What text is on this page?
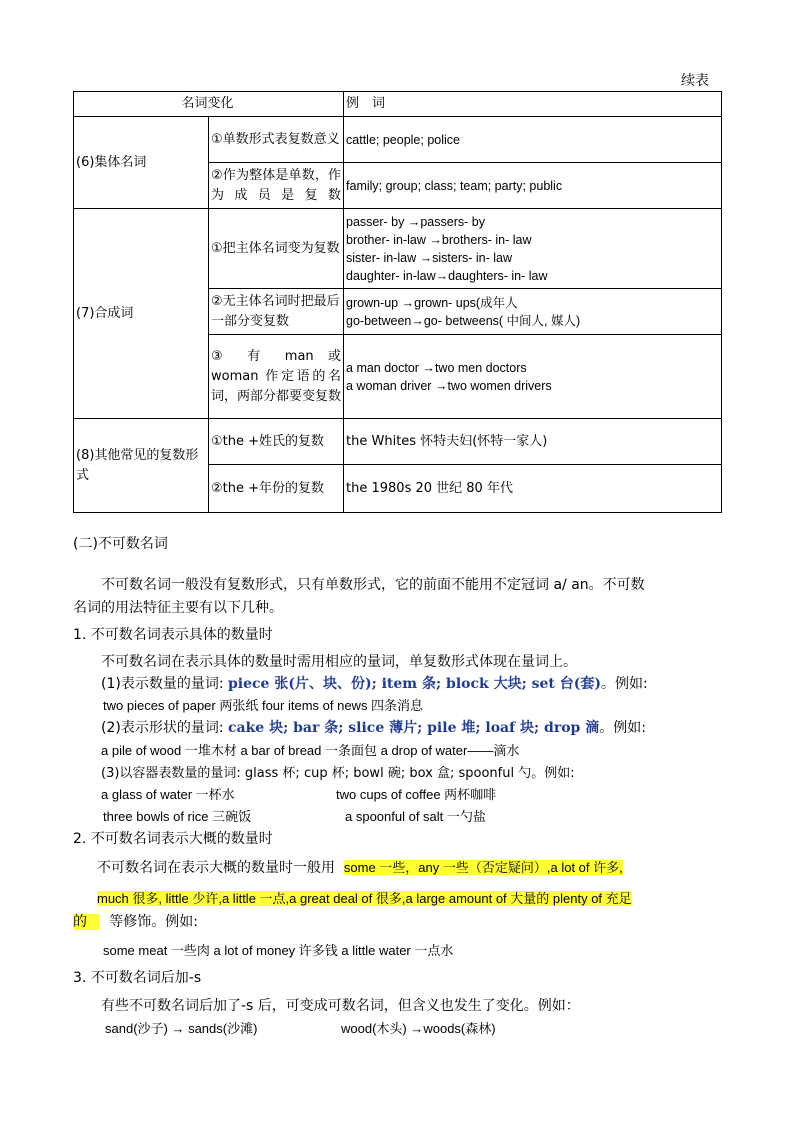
续表
名词变化		例　词
(6)集体名词	①单数形式表复数意义	cattle; people; police
	②作为整体是单数，作为成员是复数	family; group; class; team; party; public
(7)合成词	①把主体名词变为复数	passer- by →passers- by
brother- in-law →brothers- in- law
sister- in-law →sisters- in- law
daughter- in-law→daughters- in- law

	②无主体名词时把最后一部分变复数	grown-up →grown- ups(成年人
go-between→go- betweens( 中间人, 媒人)

	③ 有 man 或 woman 作定语的名词，两部分都要变复数	a man doctor →two men doctors
a woman driver →two women drivers

(8)其他常见的复数形式	①the +姓氏的复数	the Whites 怀特夫妇(怀特一家人)
	②the +年份的复数	the 1980s 20 世纪 80 年代
(二)不可数名词
不可数名词一般没有复数形式，只有单数形式，它的前面不能用不定冠词 a/ an。不可数
名词的用法特征主要有以下几种。
1. 不可数名词表示具体的数量时
不可数名词在表示具体的数量时需用相应的量词，单复数形式体现在量词上。
(1)表示数量的量词: piece 张(片、块、份); item 条; block 大块; set 台(套)。例如:
two pieces of paper 两张纸 four items of news 四条消息
(2)表示形状的量词: cake 块; bar 条; slice 薄片; pile 堆; loaf 块; drop 滴。例如:
a pile of wood 一堆木材 a bar of bread 一条面包 a drop of water——滴水
(3)以容器表数量的量词: glass 杯; cup 杯; bowl 碗; box 盒; spoonful 勺。例如:
a glass of water 一杯水	two cups of coffee 两杯咖啡
three bowls of rice 三碗饭	a spoonful of salt 一勺盐
2. 不可数名词表示大概的数量时
不可数名词在表示大概的数量时一般用 some 一些，any 一些（否定疑问）,a lot of 许多,
much 很多, little 少许,a little 一点,a great deal of 很多,a large amount of 大量的 plenty of 充足
的 等修饰。例如:
some meat 一些肉 a lot of money 许多钱 a little water 一点水
3. 不可数名词后加-s
有些不可数名词后加了-s 后，可变成可数名词，但含义也发生了变化。例如：
sand(沙子) → sands(沙滩)	wood(木头) →woods(森林)
